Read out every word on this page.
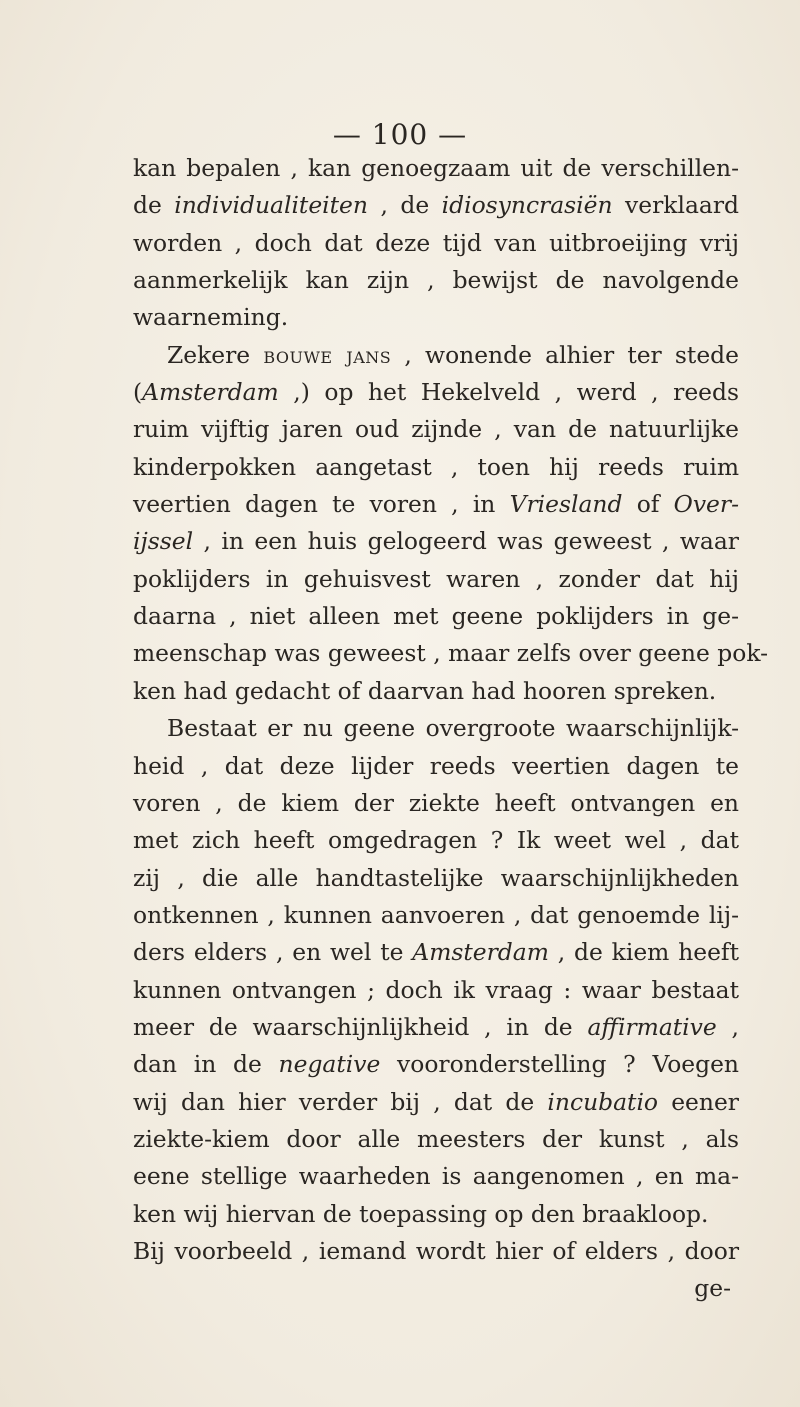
— 100 —
kan bepalen , kan genoegzaam uit de verschillen-
de individualiteiten , de idiosyncrasiën verklaard
worden , doch dat deze tijd van uitbroeijing vrij
aanmerkelijk kan zijn , bewijst de navolgende
waarneming.
Zekere bouwe jans , wonende alhier ter stede
(Amsterdam ,) op het Hekelveld , werd , reeds
ruim vijftig jaren oud zijnde , van de natuurlijke
kinderpokken aangetast , toen hij reeds ruim
veertien dagen te voren , in Vriesland of Over-
ijssel , in een huis gelogeerd was geweest , waar
poklijders in gehuisvest waren , zonder dat hij
daarna , niet alleen met geene poklijders in ge-
meenschap was geweest , maar zelfs over geene pok-
ken had gedacht of daarvan had hooren spreken.
Bestaat er nu geene overgroote waarschijnlijk-
heid , dat deze lijder reeds veertien dagen te
voren , de kiem der ziekte heeft ontvangen en
met zich heeft omgedragen ? Ik weet wel , dat
zij , die alle handtastelijke waarschijnlijkheden
ontkennen , kunnen aanvoeren , dat genoemde lij-
ders elders , en wel te Amsterdam , de kiem heeft
kunnen ontvangen ; doch ik vraag : waar bestaat
meer de waarschijnlijkheid , in de affirmative ,
dan in de negative vooronderstelling ? Voegen
wij dan hier verder bij , dat de incubatio eener
ziekte-kiem door alle meesters der kunst , als
eene stellige waarheden is aangenomen , en ma-
ken wij hiervan de toepassing op den braakloop.
Bij voorbeeld , iemand wordt hier of elders , door
ge-
